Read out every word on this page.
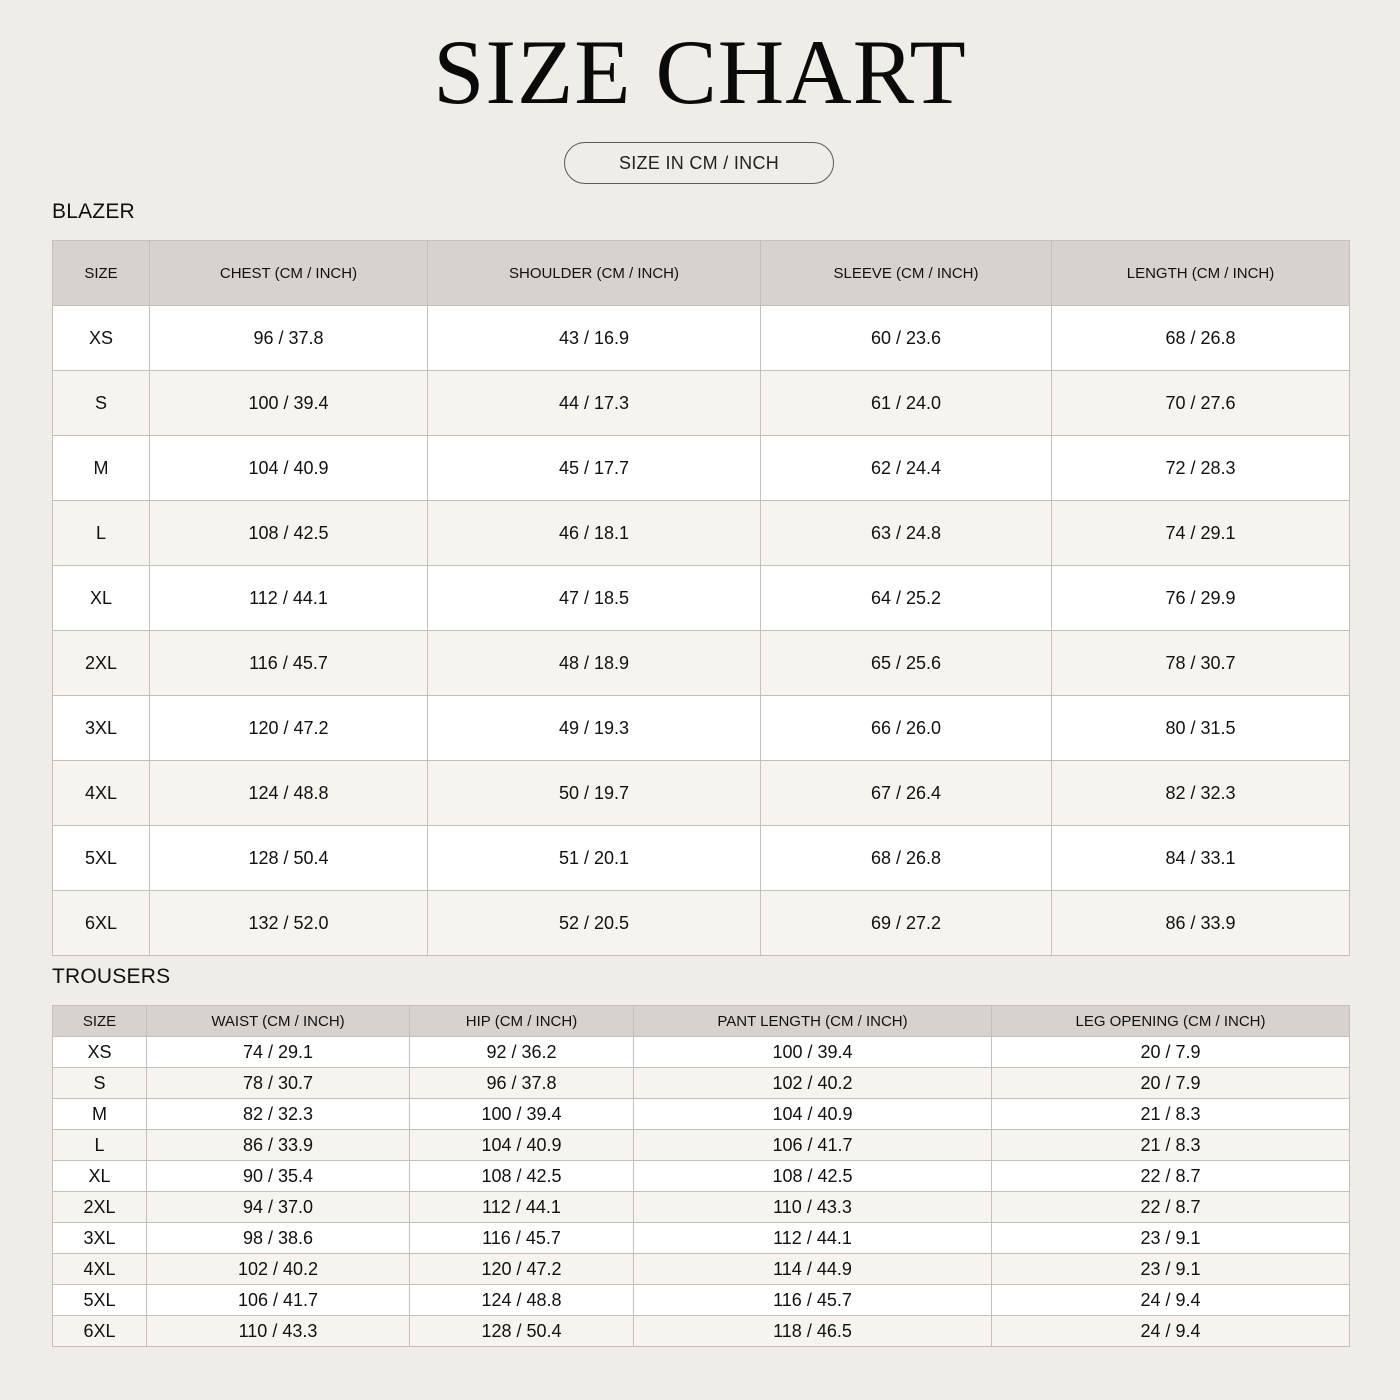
SIZE CHART
SIZE IN CM / INCH
BLAZER
SIZE	CHEST (CM / INCH)	SHOULDER (CM / INCH)	SLEEVE (CM / INCH)	LENGTH (CM / INCH)
XS	96 / 37.8	43 / 16.9	60 / 23.6	68 / 26.8
S	100 / 39.4	44 / 17.3	61 / 24.0	70 / 27.6
M	104 / 40.9	45 / 17.7	62 / 24.4	72 / 28.3
L	108 / 42.5	46 / 18.1	63 / 24.8	74 / 29.1
XL	112 / 44.1	47 / 18.5	64 / 25.2	76 / 29.9
2XL	116 / 45.7	48 / 18.9	65 / 25.6	78 / 30.7
3XL	120 / 47.2	49 / 19.3	66 / 26.0	80 / 31.5
4XL	124 / 48.8	50 / 19.7	67 / 26.4	82 / 32.3
5XL	128 / 50.4	51 / 20.1	68 / 26.8	84 / 33.1
6XL	132 / 52.0	52 / 20.5	69 / 27.2	86 / 33.9
TROUSERS
SIZE	WAIST (CM / INCH)	HIP (CM / INCH)	PANT LENGTH (CM / INCH)	LEG OPENING (CM / INCH)
XS	74 / 29.1	92 / 36.2	100 / 39.4	20 / 7.9
S	78 / 30.7	96 / 37.8	102 / 40.2	20 / 7.9
M	82 / 32.3	100 / 39.4	104 / 40.9	21 / 8.3
L	86 / 33.9	104 / 40.9	106 / 41.7	21 / 8.3
XL	90 / 35.4	108 / 42.5	108 / 42.5	22 / 8.7
2XL	94 / 37.0	112 / 44.1	110 / 43.3	22 / 8.7
3XL	98 / 38.6	116 / 45.7	112 / 44.1	23 / 9.1
4XL	102 / 40.2	120 / 47.2	114 / 44.9	23 / 9.1
5XL	106 / 41.7	124 / 48.8	116 / 45.7	24 / 9.4
6XL	110 / 43.3	128 / 50.4	118 / 46.5	24 / 9.4
